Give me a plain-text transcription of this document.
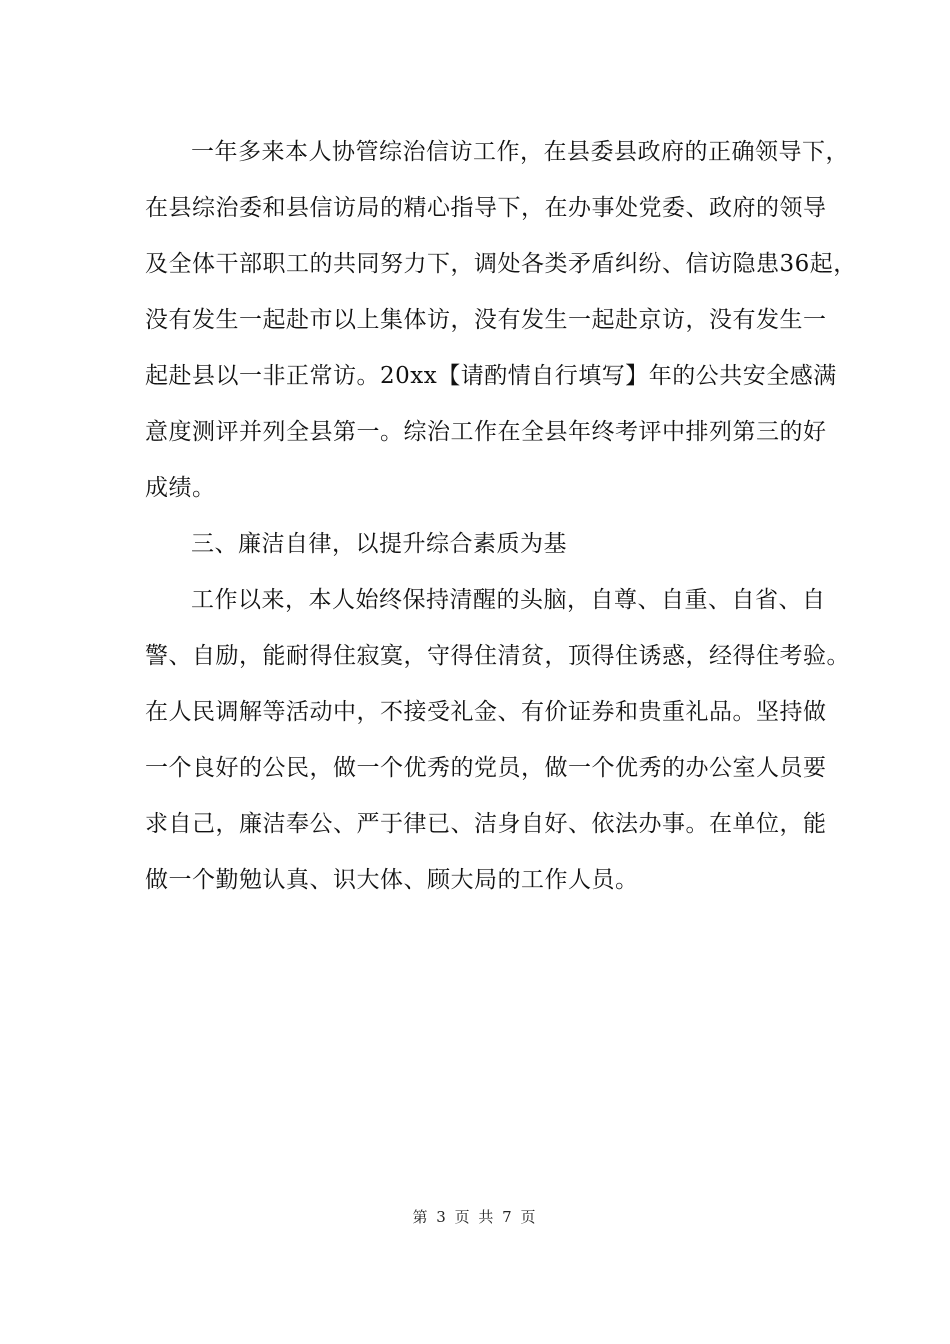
一年多来本人协管综治信访工作，在县委县政府的正确领导下，
在县综治委和县信访局的精心指导下，在办事处党委、政府的领导
及全体干部职工的共同努力下，调处各类矛盾纠纷、信访隐患36起，
没有发生一起赴市以上集体访，没有发生一起赴京访，没有发生一
起赴县以一非正常访。20xx【请酌情自行填写】年的公共安全感满
意度测评并列全县第一。综治工作在全县年终考评中排列第三的好
成绩。
三、廉洁自律，以提升综合素质为基
工作以来，本人始终保持清醒的头脑，自尊、自重、自省、自
警、自励，能耐得住寂寞，守得住清贫，顶得住诱惑，经得住考验。
在人民调解等活动中，不接受礼金、有价证券和贵重礼品。坚持做
一个良好的公民，做一个优秀的党员，做一个优秀的办公室人员要
求自己，廉洁奉公、严于律已、洁身自好、依法办事。在单位，能
做一个勤勉认真、识大体、顾大局的工作人员。
第 3 页 共 7 页
